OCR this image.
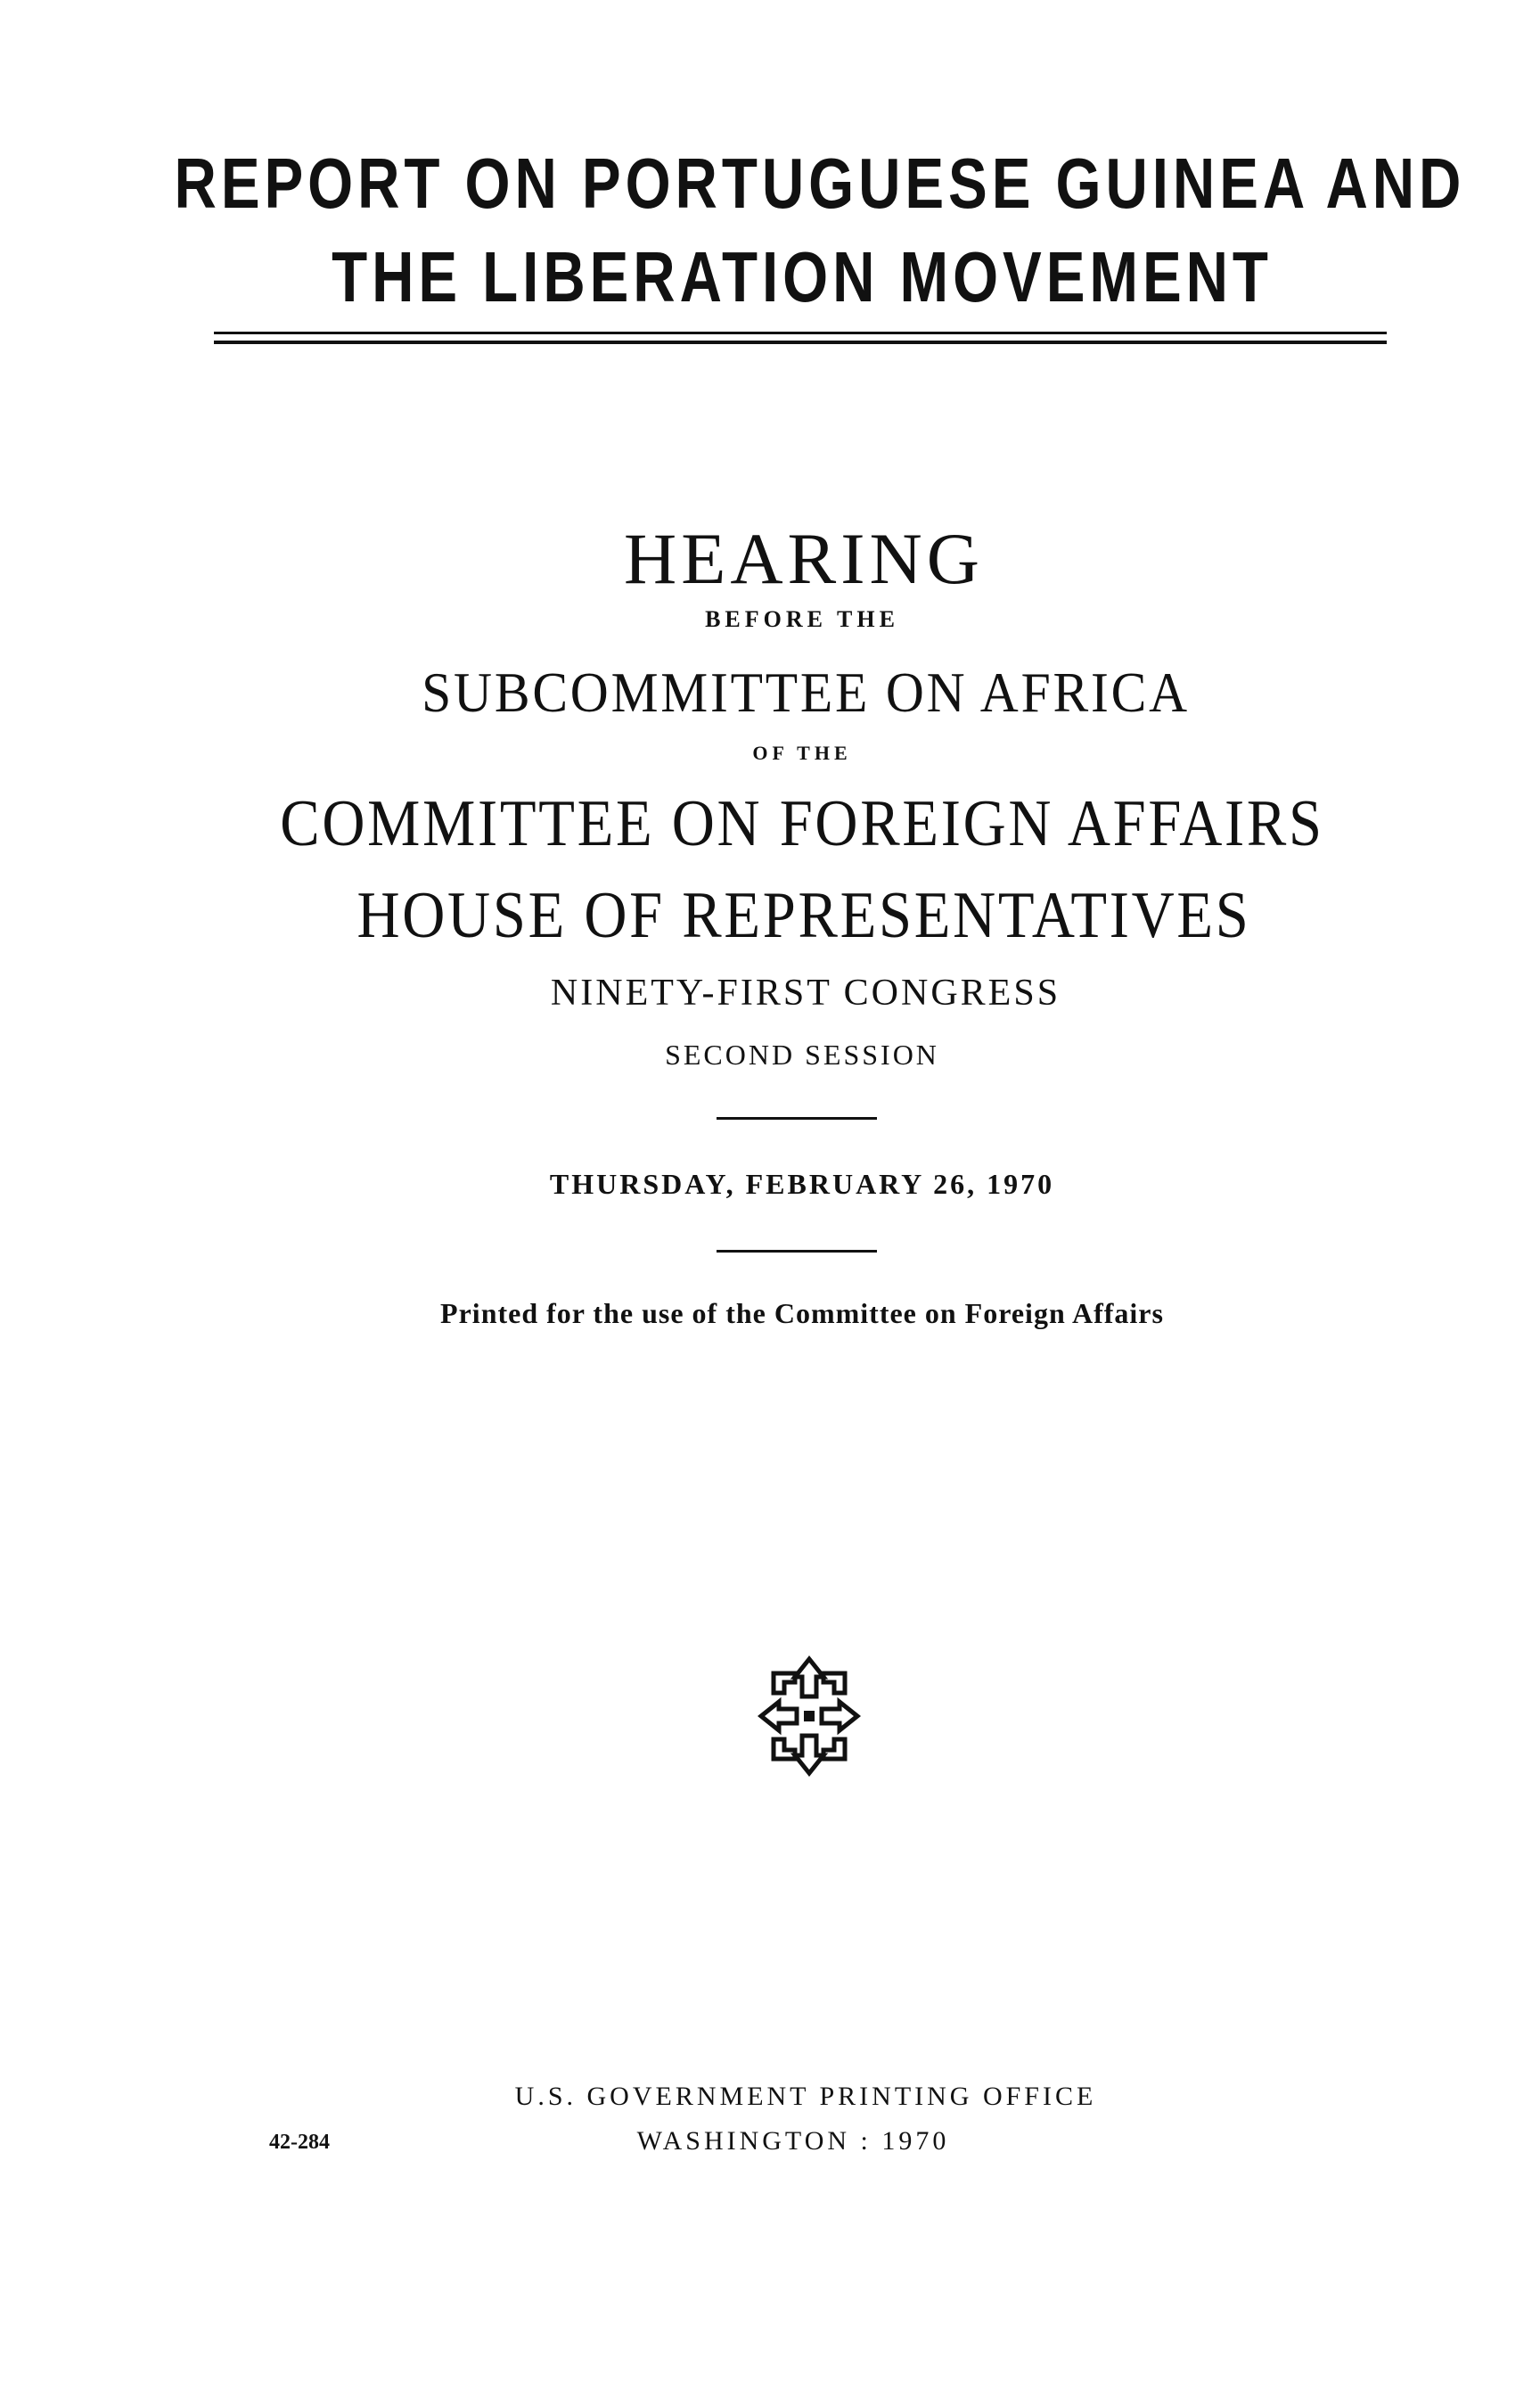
REPORT ON PORTUGUESE GUINEA AND
THE LIBERATION MOVEMENT
HEARING
BEFORE THE
SUBCOMMITTEE ON AFRICA
OF THE
COMMITTEE ON FOREIGN AFFAIRS
HOUSE OF REPRESENTATIVES
NINETY-FIRST CONGRESS
SECOND SESSION
THURSDAY, FEBRUARY 26, 1970
Printed for the use of the Committee on Foreign Affairs
U.S. GOVERNMENT PRINTING OFFICE
WASHINGTON : 1970
42-284
